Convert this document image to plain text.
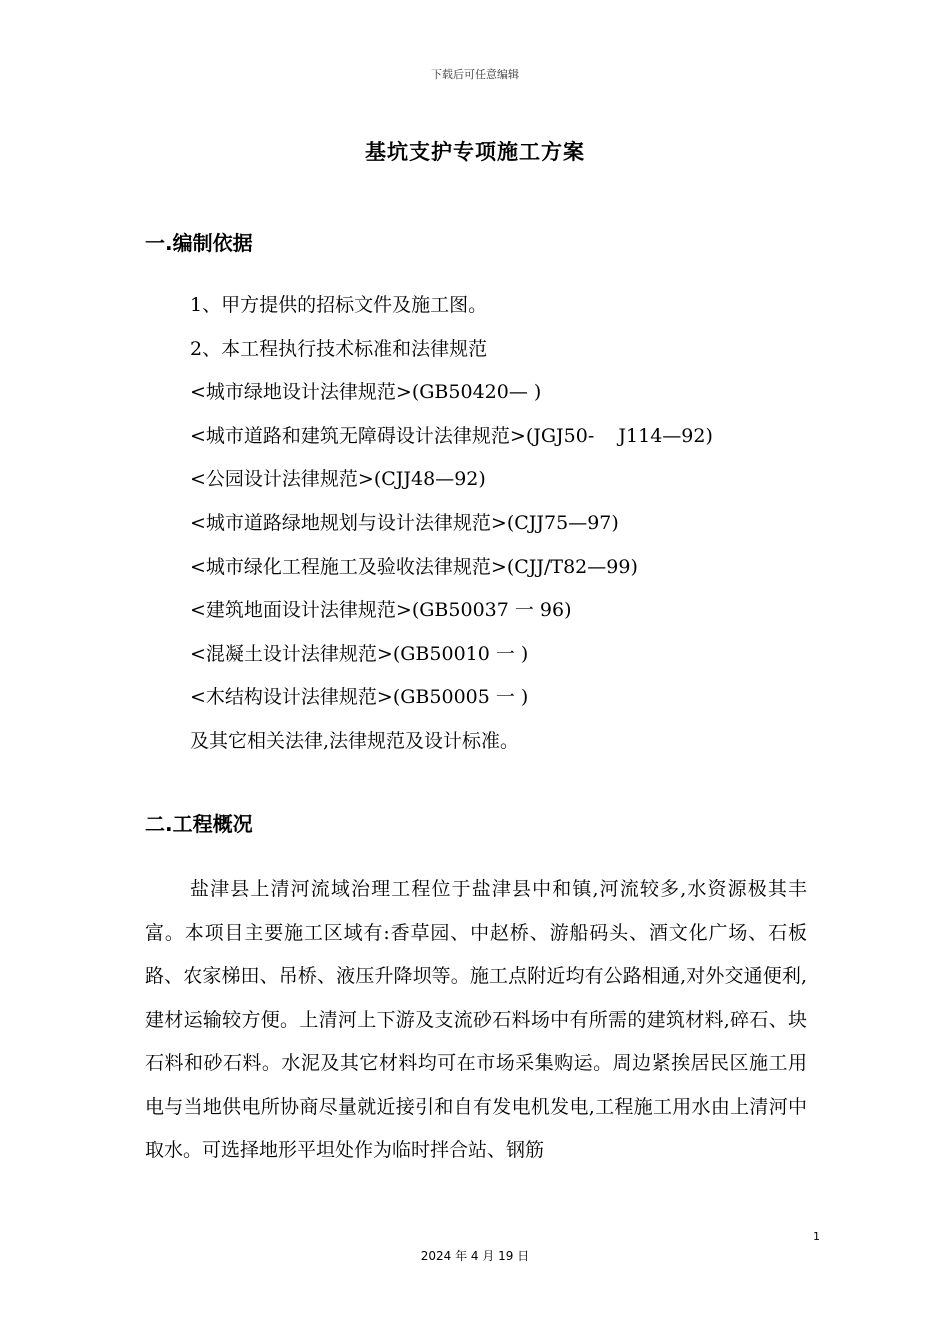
下载后可任意编辑
基坑支护专项施工方案
一.编制依据
1、甲方提供的招标文件及施工图。
2、本工程执行技术标准和法律规范
<城市绿地设计法律规范>(GB50420— )
<城市道路和建筑无障碍设计法律规范>(JGJ50-    J114—92)
<公园设计法律规范>(CJJ48—92)
<城市道路绿地规划与设计法律规范>(CJJ75—97)
<城市绿化工程施工及验收法律规范>(CJJ/T82—99)
<建筑地面设计法律规范>(GB50037 一 96)
<混凝土设计法律规范>(GB50010 一 )
<木结构设计法律规范>(GB50005 一 )
及其它相关法律,法律规范及设计标准。
二.工程概况

盐津县上清河流域治理工程位于盐津县中和镇,河流较多,水资源极其丰富。本项目主要施工区域有:香草园、中赵桥、游船码头、酒文化广场、石板路、农家梯田、吊桥、液压升降坝等。施工点附近均有公路相通,对外交通便利,建材运输较方便。上清河上下游及支流砂石料场中有所需的建筑材料,碎石、块石料和砂石料。水泥及其它材料均可在市场采集购运。周边紧挨居民区施工用电与当地供电所协商尽量就近接引和自有发电机发电,工程施工用水由上清河中取水。可选择地形平坦处作为临时拌合站、钢筋

1
2024 年 4 月 19 日
